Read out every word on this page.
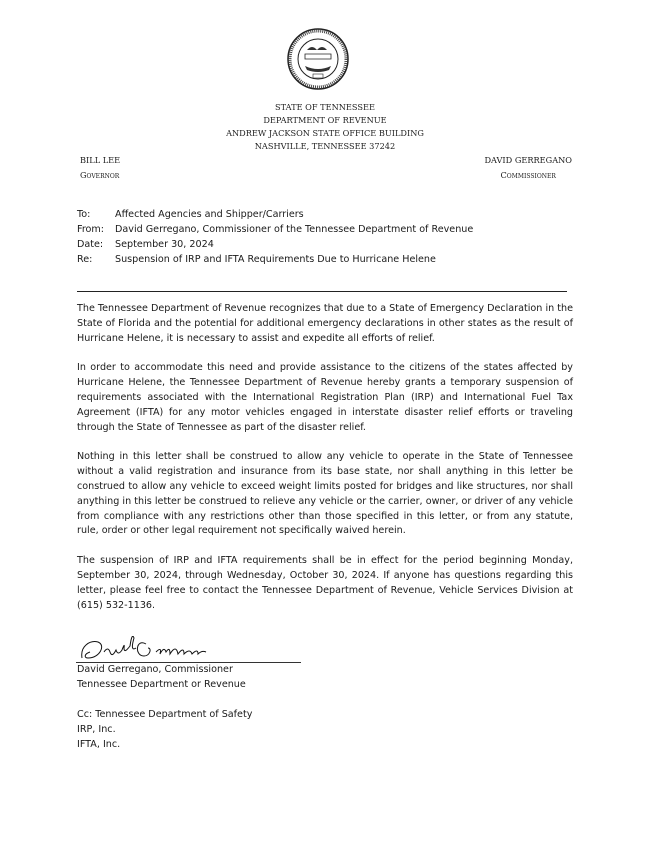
STATE OF TENNESSEE
DEPARTMENT OF REVENUE
ANDREW JACKSON STATE OFFICE BUILDING
NASHVILLE, TENNESSEE 37242
BILL LEE
Governor
DAVID GERREGANO
Commissioner
To:	Affected Agencies and Shipper/Carriers
From:	David Gerregano, Commissioner of the Tennessee Department of Revenue
Date:	September 30, 2024
Re:	Suspension of IRP and IFTA Requirements Due to Hurricane Helene

The Tennessee Department of Revenue recognizes that due to a State of Emergency Declaration in the State of Florida and the potential for additional emergency declarations in other states as the result of Hurricane Helene, it is necessary to assist and expedite all efforts of relief.

In order to accommodate this need and provide assistance to the citizens of the states affected by Hurricane Helene, the Tennessee Department of Revenue hereby grants a temporary suspension of requirements associated with the International Registration Plan (IRP) and International Fuel Tax Agreement (IFTA) for any motor vehicles engaged in interstate disaster relief efforts or traveling through the State of Tennessee as part of the disaster relief.

Nothing in this letter shall be construed to allow any vehicle to operate in the State of Tennessee without a valid registration and insurance from its base state, nor shall anything in this letter be construed to allow any vehicle to exceed weight limits posted for bridges and like structures, nor shall anything in this letter be construed to relieve any vehicle or the carrier, owner, or driver of any vehicle from compliance with any restrictions other than those specified in this letter, or from any statute, rule, order or other legal requirement not specifically waived herein.

The suspension of IRP and IFTA requirements shall be in effect for the period beginning Monday, September 30, 2024, through Wednesday, October 30, 2024. If anyone has questions regarding this letter, please feel free to contact the Tennessee Department of Revenue, Vehicle Services Division at (615) 532-1136.

David Gerregano, Commissioner
Tennessee Department or Revenue
Cc: Tennessee Department of Safety
IRP, Inc.
IFTA, Inc.
